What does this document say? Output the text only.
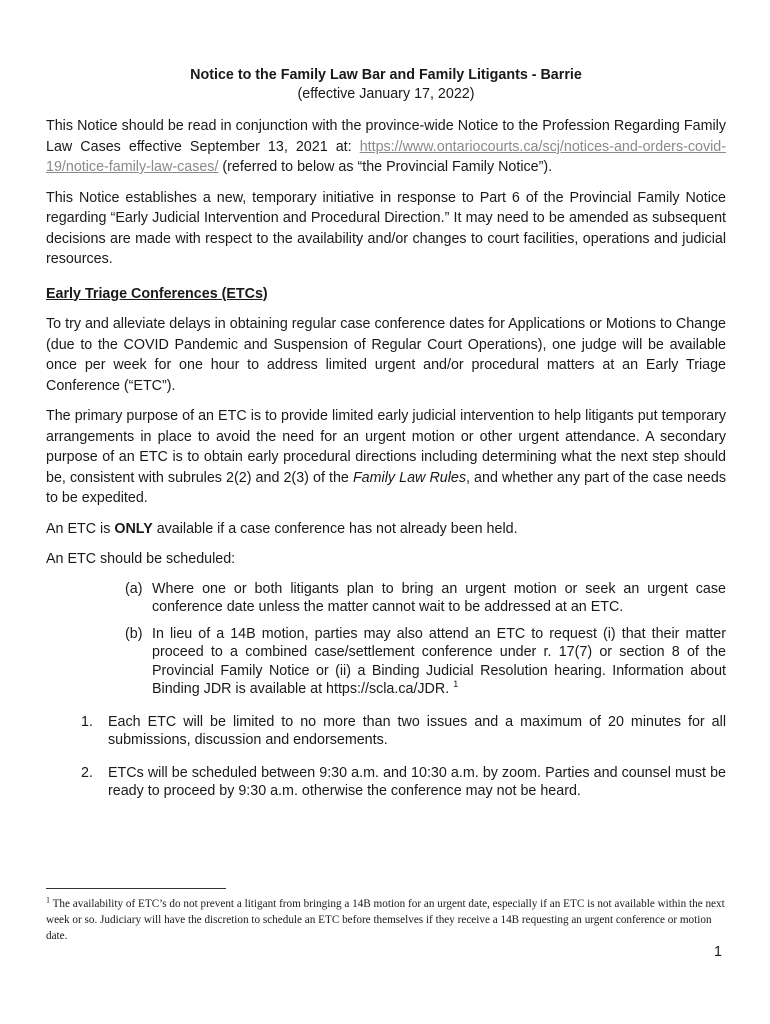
Notice to the Family Law Bar and Family Litigants - Barrie

(effective January 17, 2022)

This Notice should be read in conjunction with the province-wide Notice to the Profession Regarding Family Law Cases effective September 13, 2021 at: https://www.ontariocourts.ca/scj/notices-and-orders-covid-19/notice-family-law-cases/ (referred to below as “the Provincial Family Notice”).

This Notice establishes a new, temporary initiative in response to Part 6 of the Provincial Family Notice regarding “Early Judicial Intervention and Procedural Direction.” It may need to be amended as subsequent decisions are made with respect to the availability and/or changes to court facilities, operations and judicial resources.

Early Triage Conferences (ETCs)

To try and alleviate delays in obtaining regular case conference dates for Applications or Motions to Change (due to the COVID Pandemic and Suspension of Regular Court Operations), one judge will be available once per week for one hour to address limited urgent and/or procedural matters at an Early Triage Conference (“ETC”).

The primary purpose of an ETC is to provide limited early judicial intervention to help litigants put temporary arrangements in place to avoid the need for an urgent motion or other urgent attendance. A secondary purpose of an ETC is to obtain early procedural directions including determining what the next step should be, consistent with subrules 2(2) and 2(3) of the Family Law Rules, and whether any part of the case needs to be expedited.

An ETC is ONLY available if a case conference has not already been held.

An ETC should be scheduled:

(a) Where one or both litigants plan to bring an urgent motion or seek an urgent case conference date unless the matter cannot wait to be addressed at an ETC.
(b) In lieu of a 14B motion, parties may also attend an ETC to request (i) that their matter proceed to a combined case/settlement conference under r. 17(7) or section 8 of the Provincial Family Notice or (ii) a Binding Judicial Resolution hearing. Information about Binding JDR is available at https://scla.ca/JDR. $^1$
1. Each ETC will be limited to no more than two issues and a maximum of 20 minutes for all submissions, discussion and endorsements.
2. ETCs will be scheduled between 9:30 a.m. and 10:30 a.m. by zoom. Parties and counsel must be ready to proceed by 9:30 a.m. otherwise the conference may not be heard.

$^1$ The availability of ETC’s do not prevent a litigant from bringing a 14B motion for an urgent date, especially if an ETC is not available within the next week or so. Judiciary will have the discretion to schedule an ETC before themselves if they receive a 14B requesting an urgent conference or motion date.

1
